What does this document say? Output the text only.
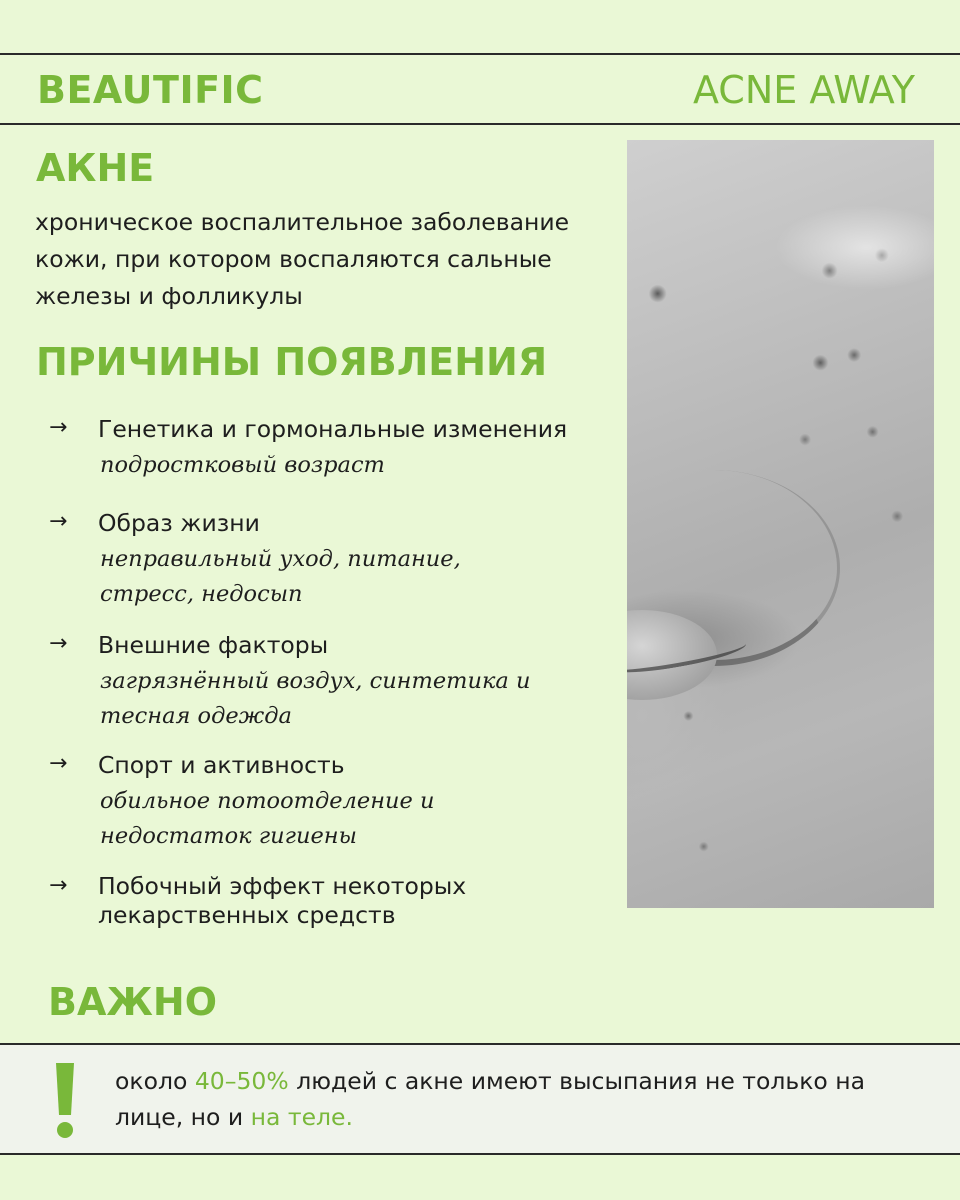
BEAUTIFIC	ACNE AWAY
АКНЕ

хроническое воспалительное заболевание кожи, при котором воспаляются сальные железы и фолликулы

ПРИЧИНЫ ПОЯВЛЕНИЯ
→ Генетика и гормональные изменения
подростковый возраст
→ Образ жизни
неправильный уход, питание, стресс, недосып
→ Внешние факторы
загрязнённый воздух, синтетика и тесная одежда
→ Спорт и активность
обильное потоотделение и недостаток гигиены
→ Побочный эффект некоторых лекарственных средств
ВАЖНО
около 40–50% людей с акне имеют высыпания не только на лице, но и на теле.
